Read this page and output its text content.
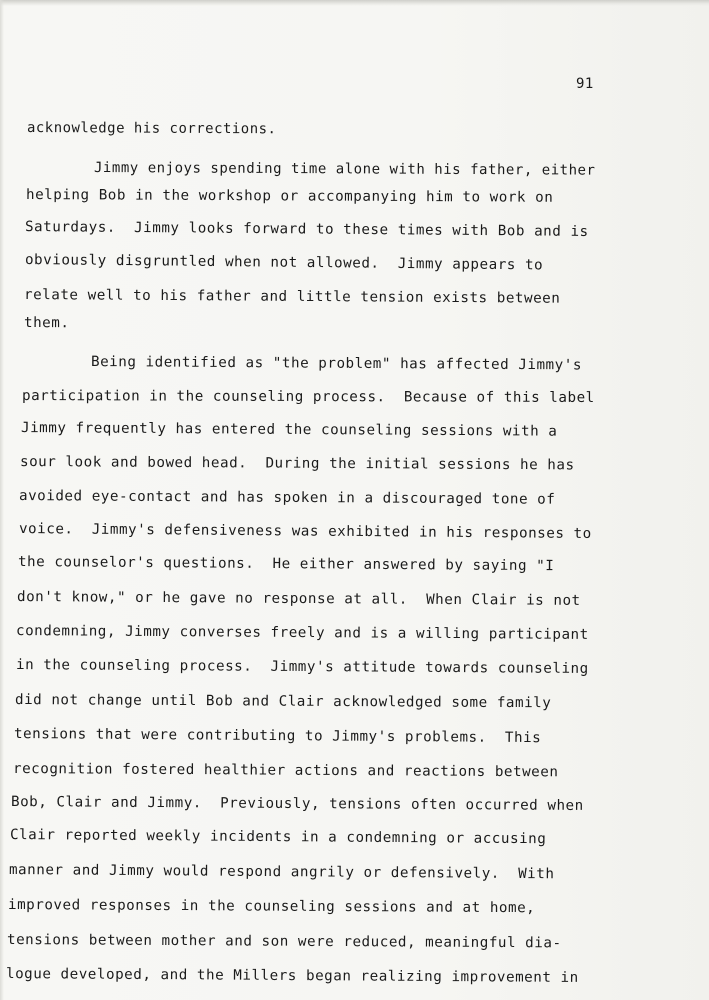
91
acknowledge his corrections.
Jimmy enjoys spending time alone with his father, either
helping Bob in the workshop or accompanying him to work on
Saturdays.  Jimmy looks forward to these times with Bob and is
obviously disgruntled when not allowed.  Jimmy appears to
relate well to his father and little tension exists between
them.
Being identified as "the problem" has affected Jimmy's
participation in the counseling process.  Because of this label
Jimmy frequently has entered the counseling sessions with a
sour look and bowed head.  During the initial sessions he has
avoided eye-contact and has spoken in a discouraged tone of
voice.  Jimmy's defensiveness was exhibited in his responses to
the counselor's questions.  He either answered by saying "I
don't know," or he gave no response at all.  When Clair is not
condemning, Jimmy converses freely and is a willing participant
in the counseling process.  Jimmy's attitude towards counseling
did not change until Bob and Clair acknowledged some family
tensions that were contributing to Jimmy's problems.  This
recognition fostered healthier actions and reactions between
Bob, Clair and Jimmy.  Previously, tensions often occurred when
Clair reported weekly incidents in a condemning or accusing
manner and Jimmy would respond angrily or defensively.  With
improved responses in the counseling sessions and at home,
tensions between mother and son were reduced, meaningful dia-
logue developed, and the Millers began realizing improvement in
